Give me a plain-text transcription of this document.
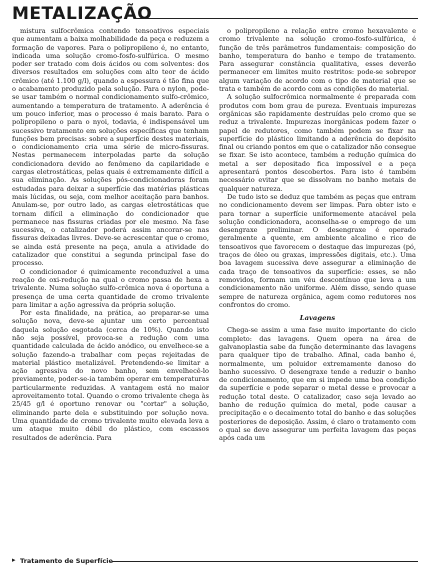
METALIZAÇÃO

mistura sulfocrômica contendo tensoativos especiais que aumentam a baixa molhabilidade da peça e reduzem a formação de vapores. Para o polipropileno é, no entanto, indicada uma solução cromo-fosfo-sulfúrica. O mesmo poder ser tratado com dois ácidos ou com solventes: dos diversos resultados em soluções com alto teor de ácido crômico (até 1.100 g/l), quando a espessura é tão fina que o acabamento produzido pela solução. Para o nylon, pode-se usar também o normal condicionamento sulfo-crômico, aumentando a temperatura de tratamento. A aderência é um pouco inferior, mas o processo é mais barato. Para o polipropileno o para o nyoi, todavia, é indispensável um sucessivo tratamento em soluções específicas que tenham funções bem precisas: sobre a superfície destes materiais, o condicionamento cria uma série de micro-fissuras. Nestas permanecem interpoladas parte da solução condicionadora devido ao fenômeno da capilaridade e cargas eletrostáticas, pelas quais é extremamente difícil a sua eliminação. As soluções pós-condicionadoras foram estudadas para deixar a superfície das matérias plásticas mais lúcidas, ou seja, com melhor aceitação para banhos. Anulam-se, por outro lado, as cargas eletrostáticas que tornam difícil a eliminação do condicionador que permanece nas fissuras criadas por ele mesmo. Na fase sucessiva, o catalizador poderá assim ancorar-se nas fissuras deixadas livres. Deve-se acrescentar que o cromo, se ainda está presente na peça, anula a atividade do catalizador que constitui a segunda principal fase do processo.

O condicionador é quimicamente reconduzível a uma reação de oxi-redução na qual o cromo passa de hexa a trivalente. Numa solução sulfo-crômica nova é oportuna a presença de uma certa quantidade de cromo trivalente para limitar a ação agressiva da própria solução.

Por esta finalidade, na prática, ao preparar-se uma solução nova, deve-se ajuntar um certo percentual daquela solução esgotada (cerca de 10%). Quando isto não seja possível, provoca-se a redução com uma quantidade calculada de ácido anódico, ou envelhece-se a solução fazendo-a trabalhar com peças rejeitadas de material plástico metalizável. Pretendendo-se limitar a ação agressiva do novo banho, sem envelhecê-lo previamente, poder-se-ia também operar em temperaturas particularmente reduzidas. A vantagem está no maior aproveitamento total. Quando o cromo trivalente chega às 25/45 g/l é oportuno renovar ou "cortar" a solução, eliminando parte dela e substituindo por solução nova. Uma quantidade de cromo trivalente muito elevada leva a um ataque muito débil do plástico, com escassos resultados de aderência. Para

o polipropileno a relação entre cromo hexavalente e cromo trivalente na solução cromo-fosfo-sulfúrica, é função de três parâmetros fundamentais: composição do banho, temperatura do banho e tempo de tratamento. Para assegurar constância qualitativa, esses deverão permanecer em limites muito restritos: pode-se sobrepor algum variação de acordo com o tipo de material que se trata e também de acordo com as condições do material.

A solução sulfocrômica normalmente é preparada com produtos com bom grau de pureza. Eventuais impurezas orgânicas são rapidamente destruídas pelo cromo que se reduz a trivalente. Impurezas inorgânicas podem fazer o papel de redutores, como também podem se fixar na superfície do plástico limitando a aderência do depósito final ou criando pontos em que o catalizador não consegue se fixar. Se isto acontece, também a redução química do metal a ser depositado fica impossível e a peça apresentará pontos descobertos. Para isto é também necessário evitar que se dissolvam no banho metais de qualquer natureza.

De tudo isto se deduz que também as peças que entram no condicionamento devem ser limpas. Para obter isto e para tornar a superfície uniformemente atacável pela solução condicionadora, aconselha-se o emprego de um desengraxe preliminar. O desengraxe é operado geralmente a quente, em ambiente alcalino e rico de tensoativos que favorecem o destaque das impurezas (pó, traços de óleo ou graxas, impressões digitais, etc.). Uma boa lavagem sucessiva deve assegurar a eliminação de cada traço de tensoativos da superfície: esses, se não removidos, formam um véu descontínuo que leva a um condicionamento não uniforme. Além disso, sendo quase sempre de natureza orgânica, agem como redutores nos confrontos do cromo.

Lavagens

Chega-se assim a uma fase muito importante do ciclo completo: das lavagens. Quem opera na área de galvanoplastia sabe da função determinante das lavagens para qualquer tipo de trabalho. Afinal, cada banho é, normalmente, um poluidor extremamente danoso do banho sucessivo. O desengraxe tende a reduzir o banho de condicionamento, que em si impede uma boa condição da superfície e pode separar o metal desse e provocar a redução total deste. O catalizador, caso seja levado ao banho de redução química do metal, pode causar a precipitação e o decaimento total do banho e das soluções posteriores de deposição. Assim, é claro o tratamento com o qual se deve assegurar um perfeita lavagem das peças após cada um

▸ Tratamento de Superfície
